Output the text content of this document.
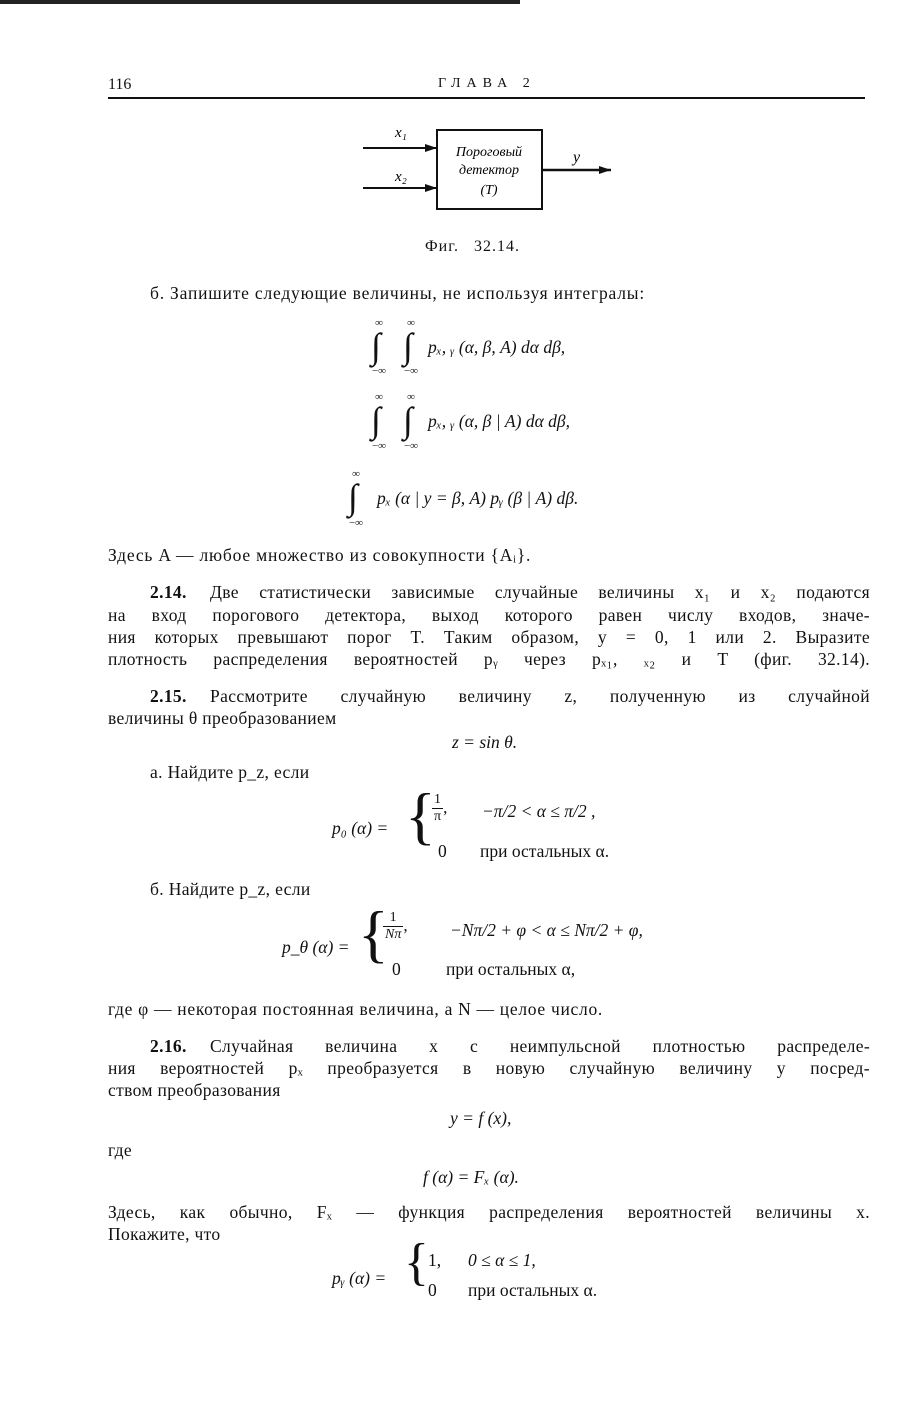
116	ГЛАВА 2
x₁
x₂
y
Пороговый
детектор
(T)
Фиг.   32.14.
б. Запишите следующие величины, не используя интегралы:
∞
∫
−∞
∞
∫
−∞
pₓ, ᵧ (α, β, A) dα dβ,
∞
∫
−∞
∞
∫
−∞
pₓ, ᵧ (α, β | A) dα dβ,
∞
∫
−∞
pₓ (α | y = β, A) pᵧ (β | A) dβ.
Здесь A — любое множество из совокупности {Aᵢ}.
2.14. Две статистически зависимые случайные величины x₁ и x₂ подаются
на вход порогового детектора, выход которого равен числу входов, значе-
ния которых превышают порог T. Таким образом, y = 0, 1 или 2. Выразите
плотность распределения вероятностей pᵧ через pₓ₁, ₓ₂ и T (фиг. 32.14).
2.15. Рассмотрите случайную величину z, полученную из случайной
величины θ преобразованием
z = sin θ.
а. Найдите p_z, если
p₀ (α) = {
$\frac{1}{\pi}$ , −π/2 < α ≤ π/2 ,
0 при остальных α.
б. Найдите p_z, если
p_θ (α) = {
$\frac{1}{N\pi}$ , −Nπ/2 + φ < α ≤ Nπ/2 + φ,
0	при остальных α,
где φ — некоторая постоянная величина, а N — целое число.
2.16. Случайная величина x с неимпульсной плотностью распределе-
ния вероятностей pₓ преобразуется в новую случайную величину y посред-
ством преобразования
y = f (x),
где
f (α) = Fₓ (α).
Здесь, как обычно, Fₓ — функция распределения вероятностей величины x.
Покажите, что
pᵧ (α) = { 1, 0 ≤ α ≤ 1,
0 при остальных α.
